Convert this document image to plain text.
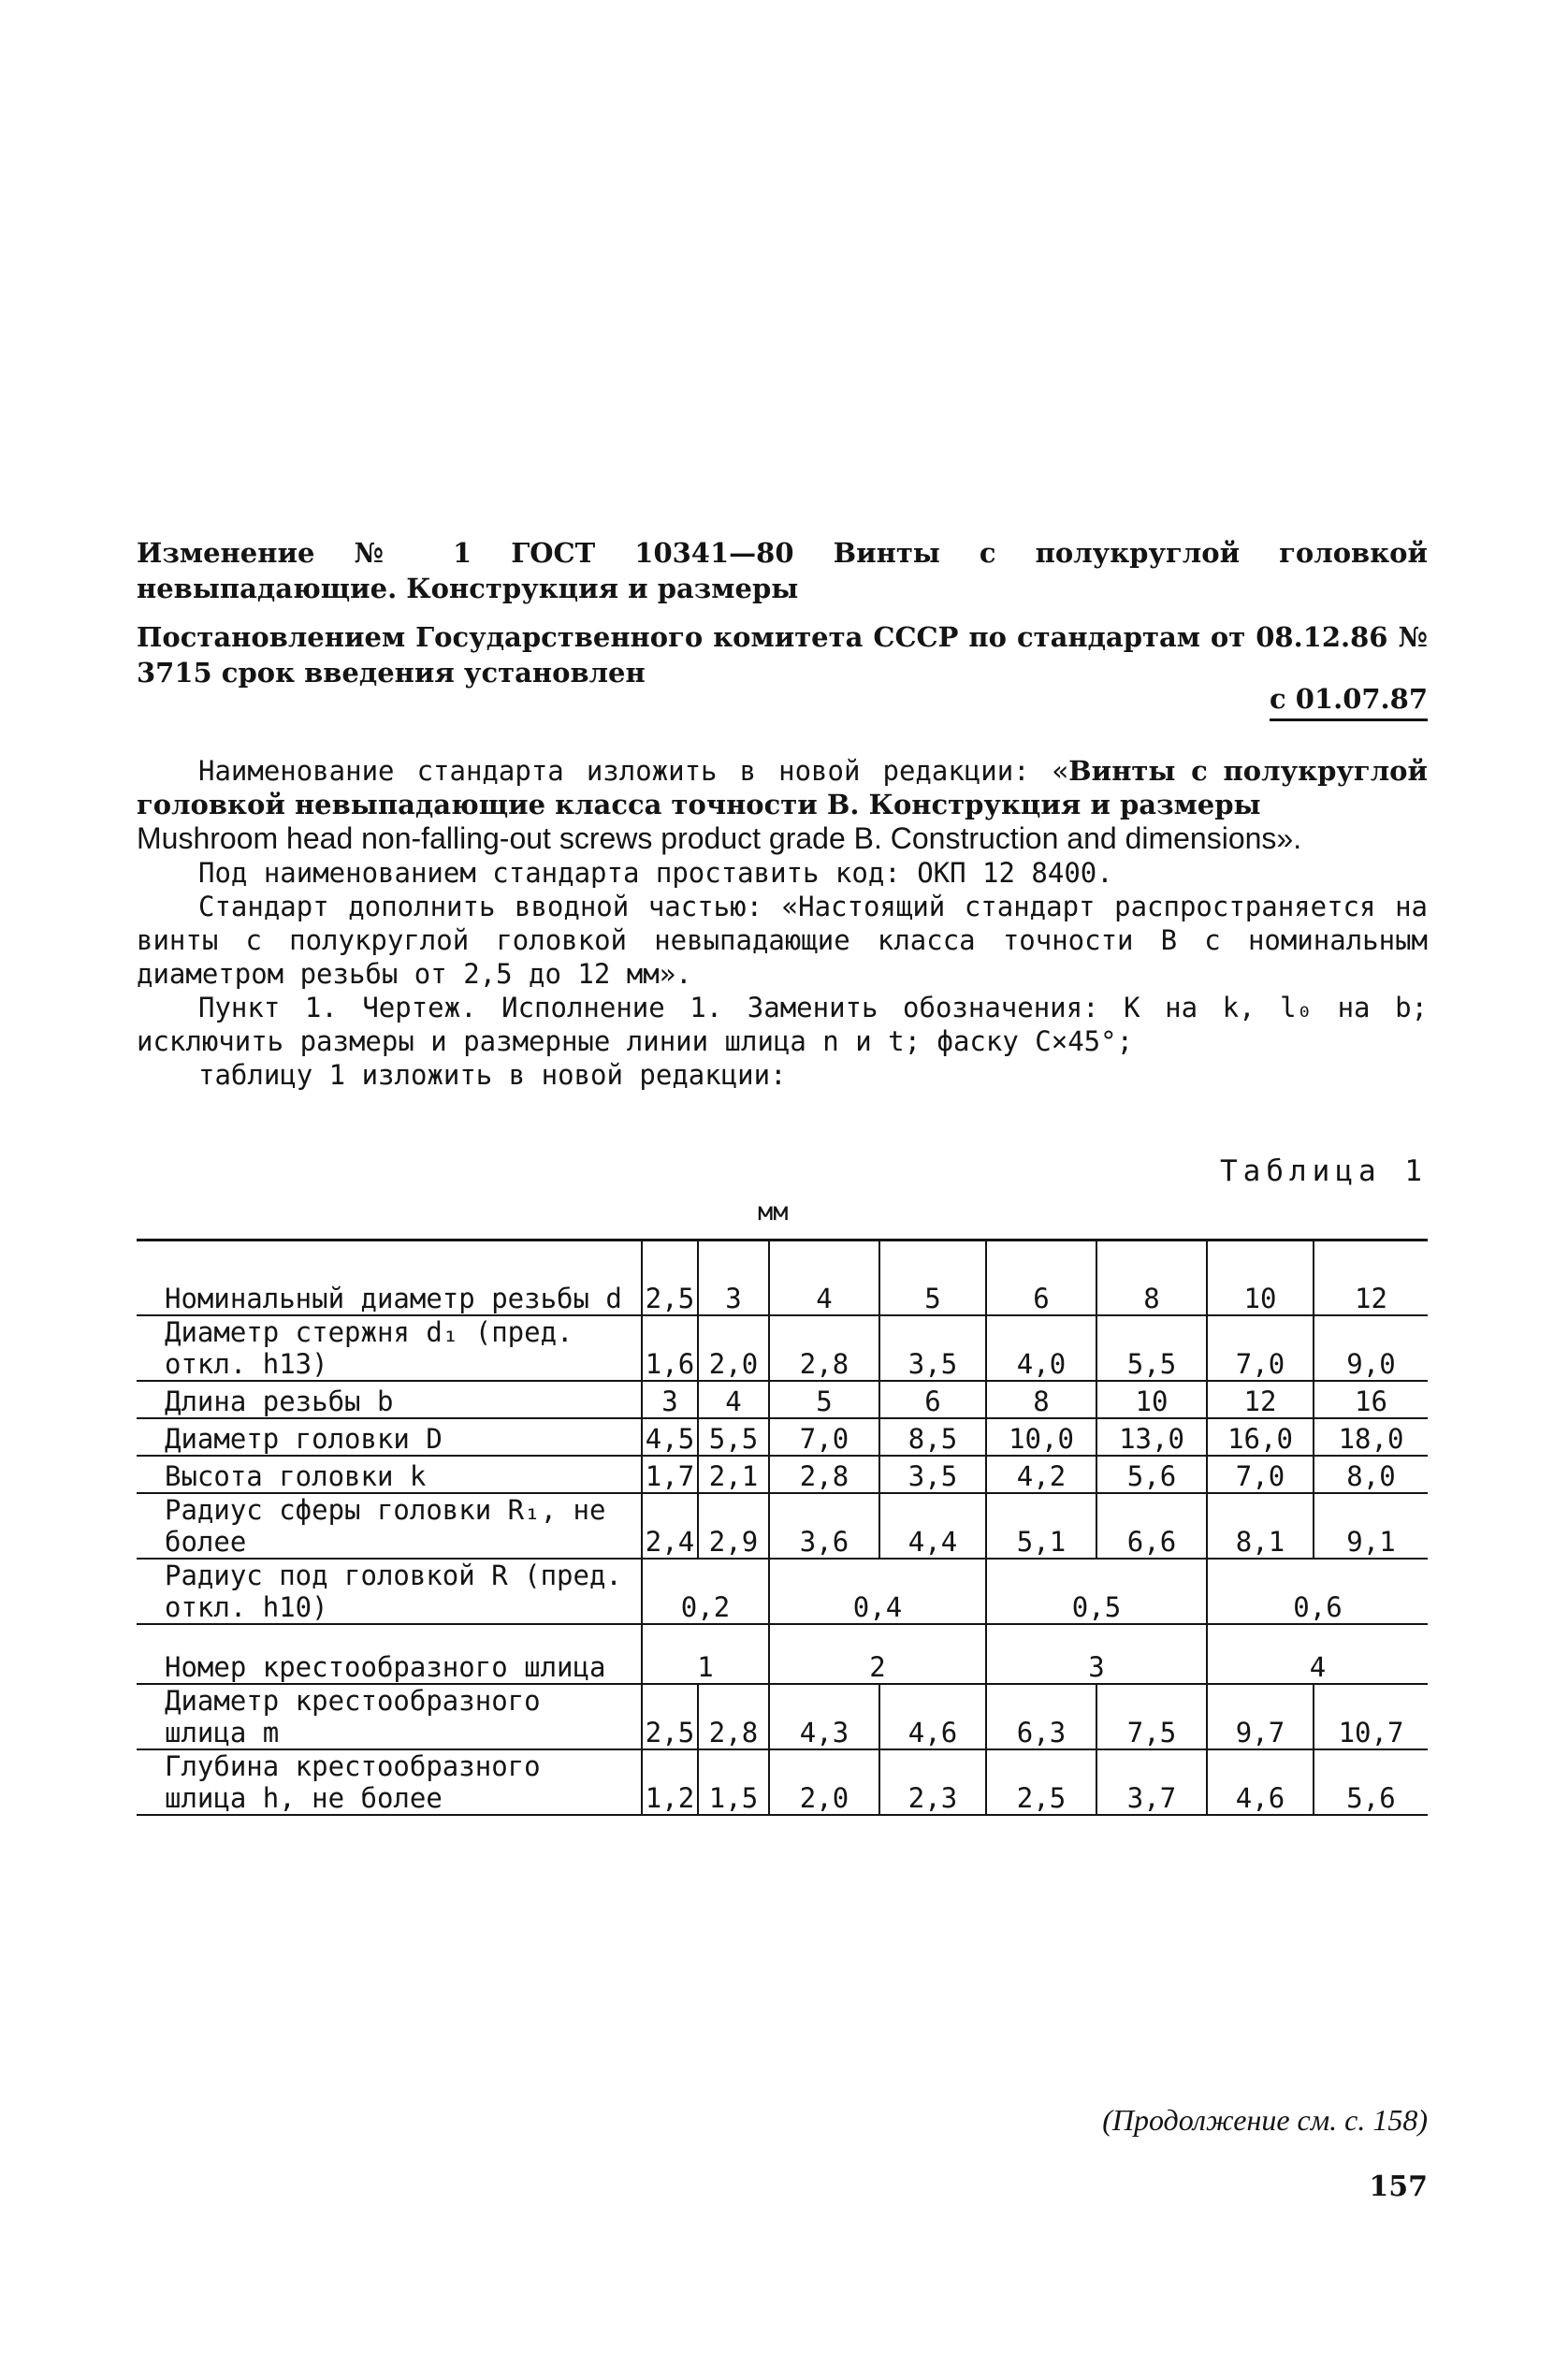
Изменение № 1 ГОСТ 10341—80 Винты с полукруглой головкой невыпадающие. Конструкция и размеры
Постановлением Государственного комитета СССР по стандартам от 08.12.86 № 3715 срок введения установлен
с 01.07.87

Наименование стандарта изложить в новой редакции: «Винты с полукруглой головкой невыпадающие класса точности В. Конструкция и размеры
Mushroom head non-falling-out screws product grade B. Construction and dimensions».

Под наименованием стандарта проставить код: ОКП 12 8400.

Стандарт дополнить вводной частью: «Настоящий стандарт распространяется на винты с полукруглой головкой невыпадающие класса точности В с номинальным диаметром резьбы от 2,5 до 12 мм».

Пункт 1. Чертеж. Исполнение 1. Заменить обозначения: K на k, l₀ на b; исключить размеры и размерные линии шлица n и t; фаску C×45°;

таблицу 1 изложить в новой редакции:

Таблица 1
мм
Номинальный диаметр резьбы d	2,5	3	4	5	6	8	10	12

Диаметр стержня d₁ (пред. откл. h13)	1,6	2,0	2,8	3,5	4,0	5,5	7,0	9,0

Длина резьбы b	3	4	5	6	8	10	12	16

Диаметр головки D	4,5	5,5	7,0	8,5	10,0	13,0	16,0	18,0

Высота головки k	1,7	2,1	2,8	3,5	4,2	5,6	7,0	8,0

Радиус сферы головки R₁, не более	2,4	2,9	3,6	4,4	5,1	6,6	8,1	9,1

Радиус под головкой R (пред. откл. h10)	0,2		0,4		0,5		0,6	

Номер крестообразного шлица	1		2		3		4	

Диаметр крестообразного шлица m	2,5	2,8	4,3	4,6	6,3	7,5	9,7	10,7

Глубина крестообразного шлица h, не более	1,2	1,5	2,0	2,3	2,5	3,7	4,6	5,6
(Продолжение см. с. 158)
157
